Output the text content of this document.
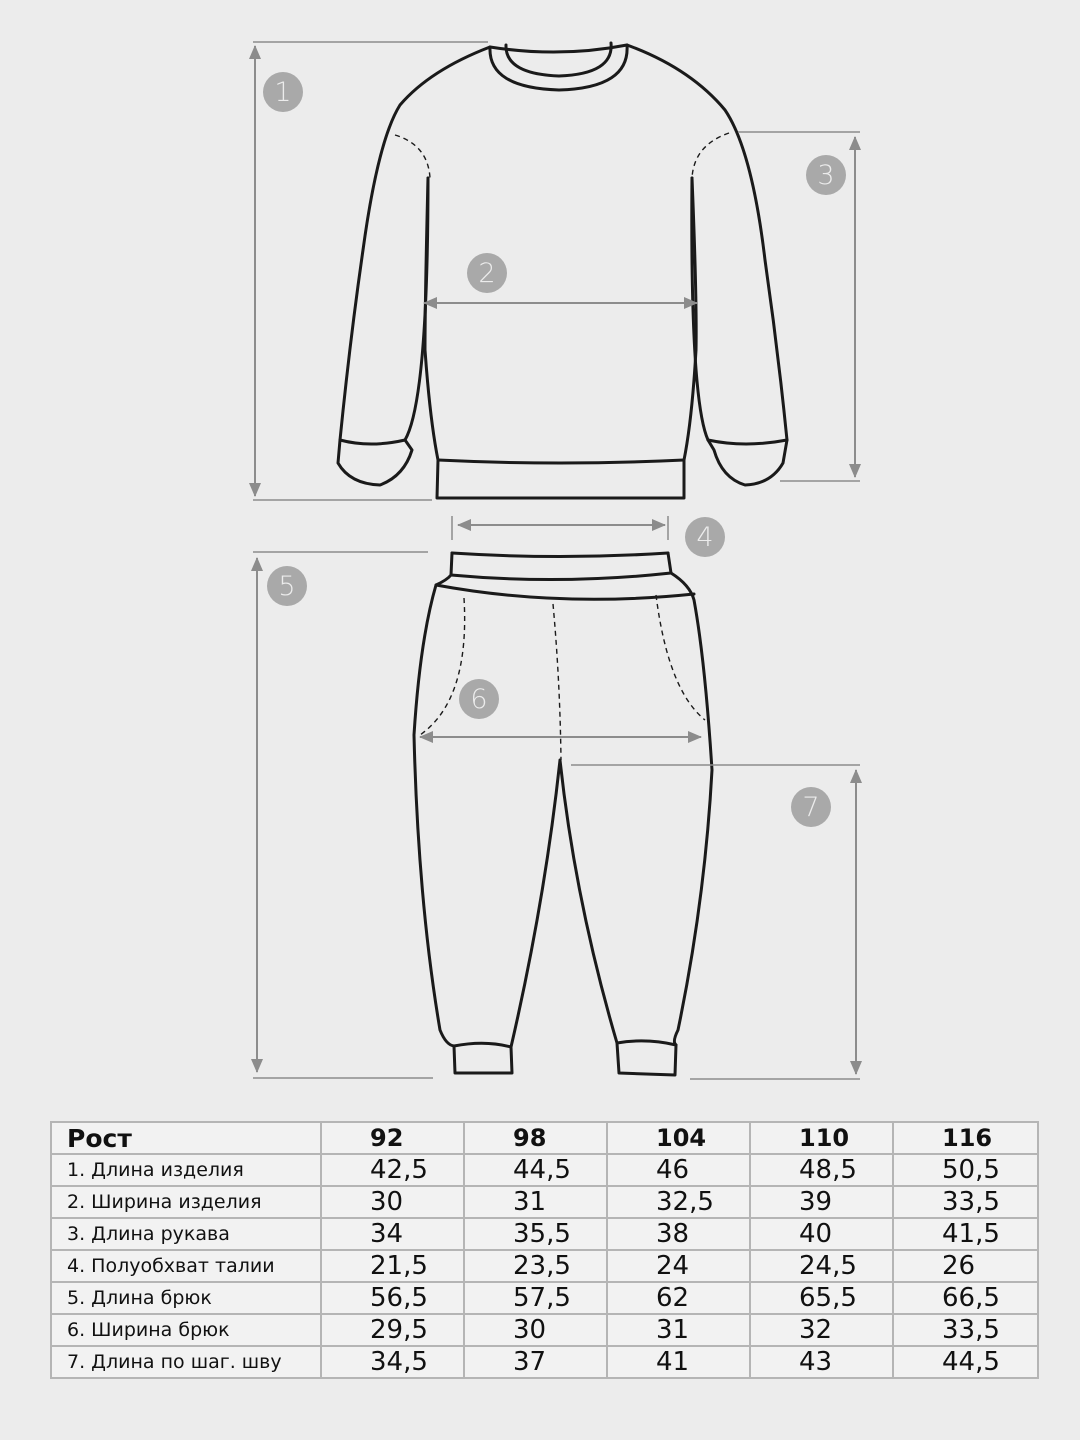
1
2
3
4
5
6
7
Рост	92	98	104	110	116
1. Длина изделия	42,5	44,5	46	48,5	50,5
2. Ширина изделия	30	31	32,5	39	33,5
3. Длина рукава	34	35,5	38	40	41,5
4. Полуобхват талии	21,5	23,5	24	24,5	26
5. Длина брюк	56,5	57,5	62	65,5	66,5
6. Ширина брюк	29,5	30	31	32	33,5
7. Длина по шаг. шву	34,5	37	41	43	44,5
